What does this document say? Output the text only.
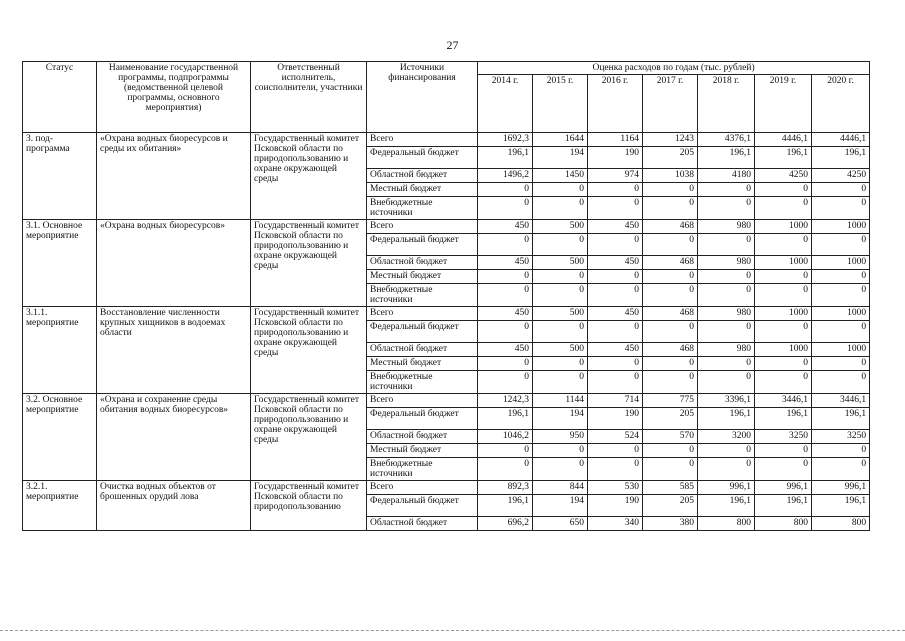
27
Статус	Наименование государственной программы, подпрограммы (ведомственной целевой программы, основного мероприятия)	Ответственный исполнитель, соисполнители, участники	Источники финансирования	Оценка расходов по годам (тыс. рублей)						
				2014 г.	2015 г.	2016 г.	2017 г.	2018 г.	2019 г.	2020 г.
3. под-программа	«Охрана водных биоресурсов и среды их обитания»	Государственный комитет Псковской области по природопользованию и охране окружающей среды	Всего	1692,3	1644	1164	1243	4376,1	4446,1	4446,1
			Федеральный бюджет	196,1	194	190	205	196,1	196,1	196,1
			Областной бюджет	1496,2	1450	974	1038	4180	4250	4250
			Местный бюджет	0	0	0	0	0	0	0
			Внебюджетные источники	0	0	0	0	0	0	0
3.1. Основное мероприятие	«Охрана водных биоресурсов»	Государственный комитет Псковской области по природопользованию и охране окружающей среды	Всего	450	500	450	468	980	1000	1000
			Федеральный бюджет	0	0	0	0	0	0	0
			Областной бюджет	450	500	450	468	980	1000	1000
			Местный бюджет	0	0	0	0	0	0	0
			Внебюджетные источники	0	0	0	0	0	0	0
3.1.1. мероприятие	Восстановление численности крупных хищников в водоемах области	Государственный комитет Псковской области по природопользованию и охране окружающей среды	Всего	450	500	450	468	980	1000	1000
			Федеральный бюджет	0	0	0	0	0	0	0
			Областной бюджет	450	500	450	468	980	1000	1000
			Местный бюджет	0	0	0	0	0	0	0
			Внебюджетные источники	0	0	0	0	0	0	0
3.2. Основное мероприятие	«Охрана и сохранение среды обитания водных биоресурсов»	Государственный комитет Псковской области по природопользованию и охране окружающей среды	Всего	1242,3	1144	714	775	3396,1	3446,1	3446,1
			Федеральный бюджет	196,1	194	190	205	196,1	196,1	196,1
			Областной бюджет	1046,2	950	524	570	3200	3250	3250
			Местный бюджет	0	0	0	0	0	0	0
			Внебюджетные источники	0	0	0	0	0	0	0
3.2.1. мероприятие	Очистка водных объектов от брошенных орудий лова	Государственный комитет Псковской области по природопользованию	Всего	892,3	844	530	585	996,1	996,1	996,1
			Федеральный бюджет	196,1	194	190	205	196,1	196,1	196,1
			Областной бюджет	696,2	650	340	380	800	800	800
